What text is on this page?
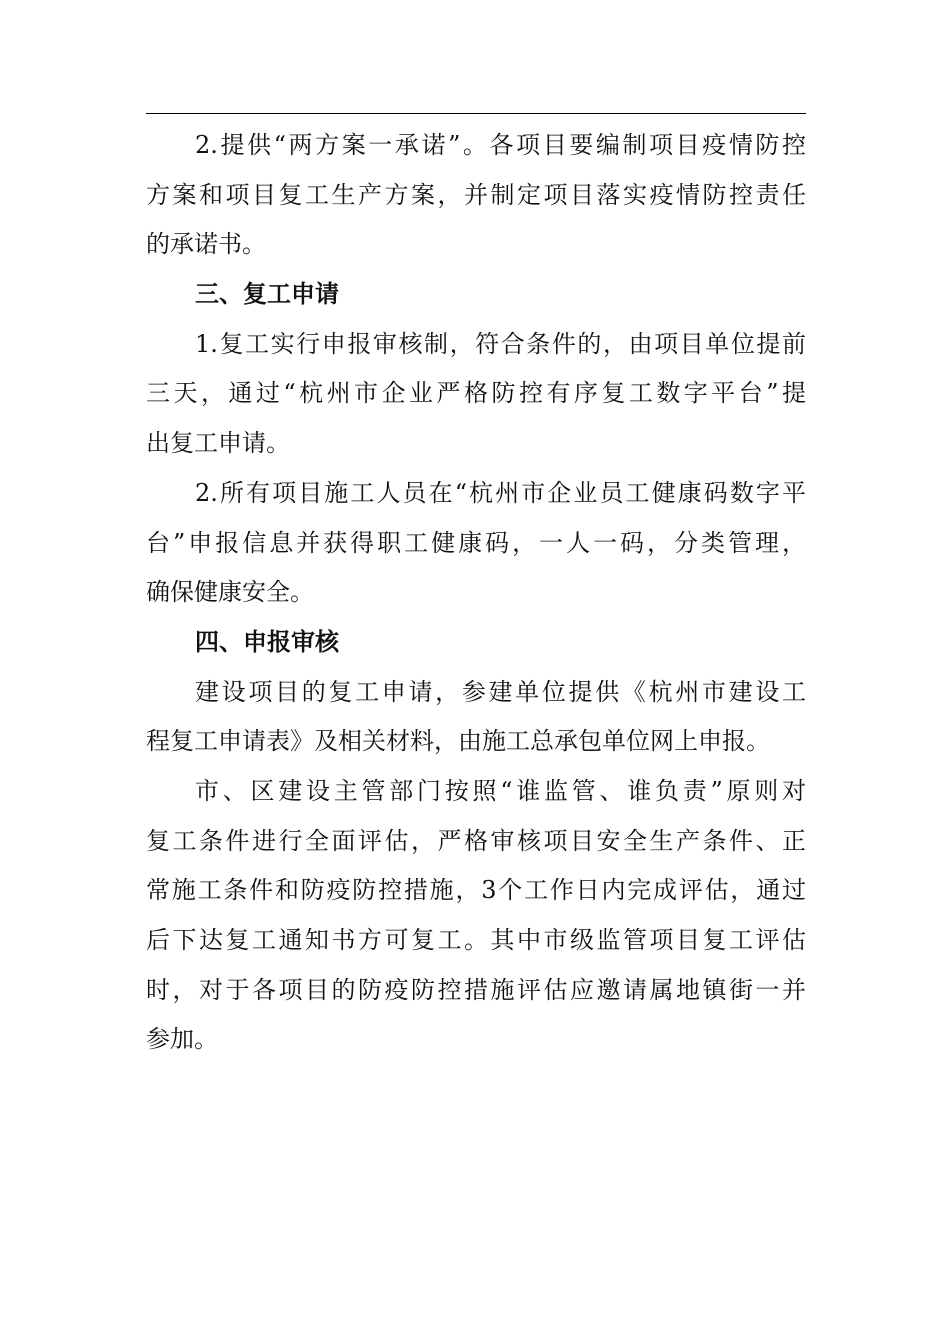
2.提供“两方案一承诺”。各项目要编制项目疫情防控
方案和项目复工生产方案，并制定项目落实疫情防控责任
的承诺书。
三、复工申请
1.复工实行申报审核制，符合条件的，由项目单位提前
三天，通过“杭州市企业严格防控有序复工数字平台”提
出复工申请。
2.所有项目施工人员在“杭州市企业员工健康码数字平
台”申报信息并获得职工健康码，一人一码，分类管理，
确保健康安全。
四、申报审核
建设项目的复工申请，参建单位提供《杭州市建设工
程复工申请表》及相关材料，由施工总承包单位网上申报。
市、区建设主管部门按照“谁监管、谁负责”原则对
复工条件进行全面评估，严格审核项目安全生产条件、正
常施工条件和防疫防控措施，3个工作日内完成评估，通过
后下达复工通知书方可复工。其中市级监管项目复工评估
时，对于各项目的防疫防控措施评估应邀请属地镇街一并
参加。
